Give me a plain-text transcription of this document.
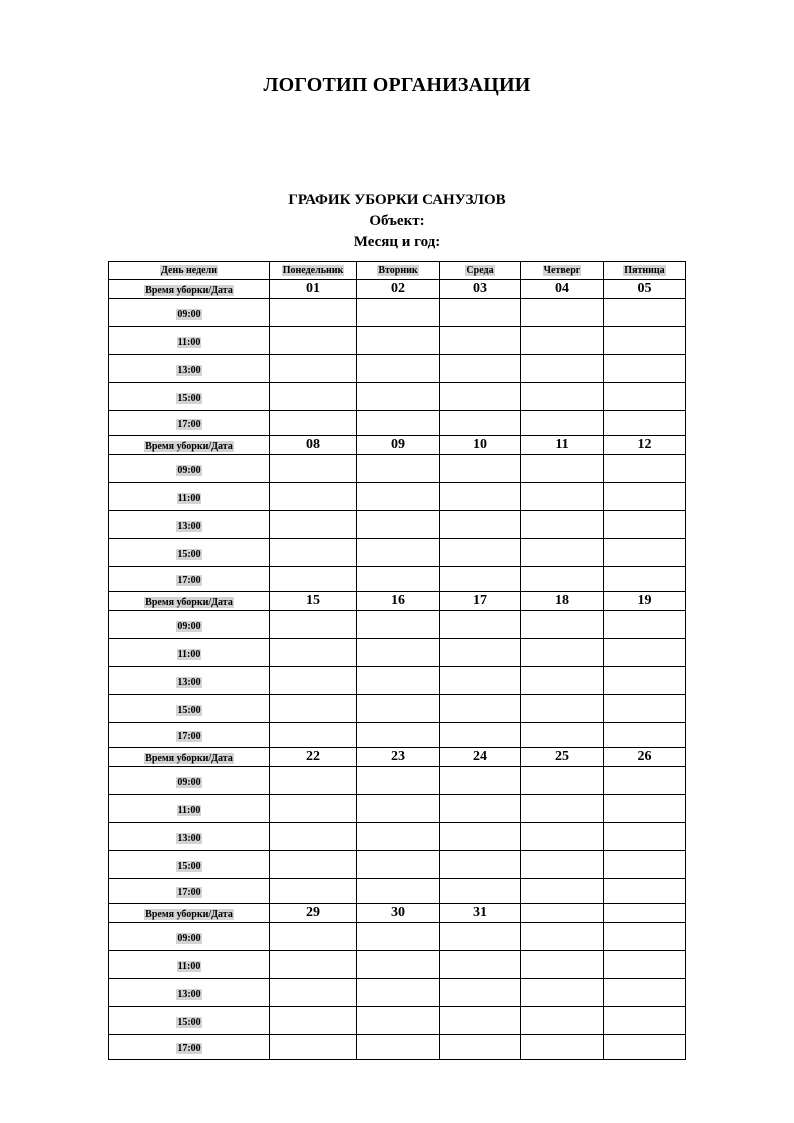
ЛОГОТИП ОРГАНИЗАЦИИ
ГРАФИК УБОРКИ САНУЗЛОВ
Объект:
Месяц и год:
День недели	Понедельник	Вторник	Среда	Четверг	Пятница
Время уборки/Дата	01	02	03	04	05
09:00					
11:00					
13:00					
15:00					
17:00					
Время уборки/Дата	08	09	10	11	12
09:00					
11:00					
13:00					
15:00					
17:00					
Время уборки/Дата	15	16	17	18	19
09:00					
11:00					
13:00					
15:00					
17:00					
Время уборки/Дата	22	23	24	25	26
09:00					
11:00					
13:00					
15:00					
17:00					
Время уборки/Дата	29	30	31		
09:00					
11:00					
13:00					
15:00					
17:00					
